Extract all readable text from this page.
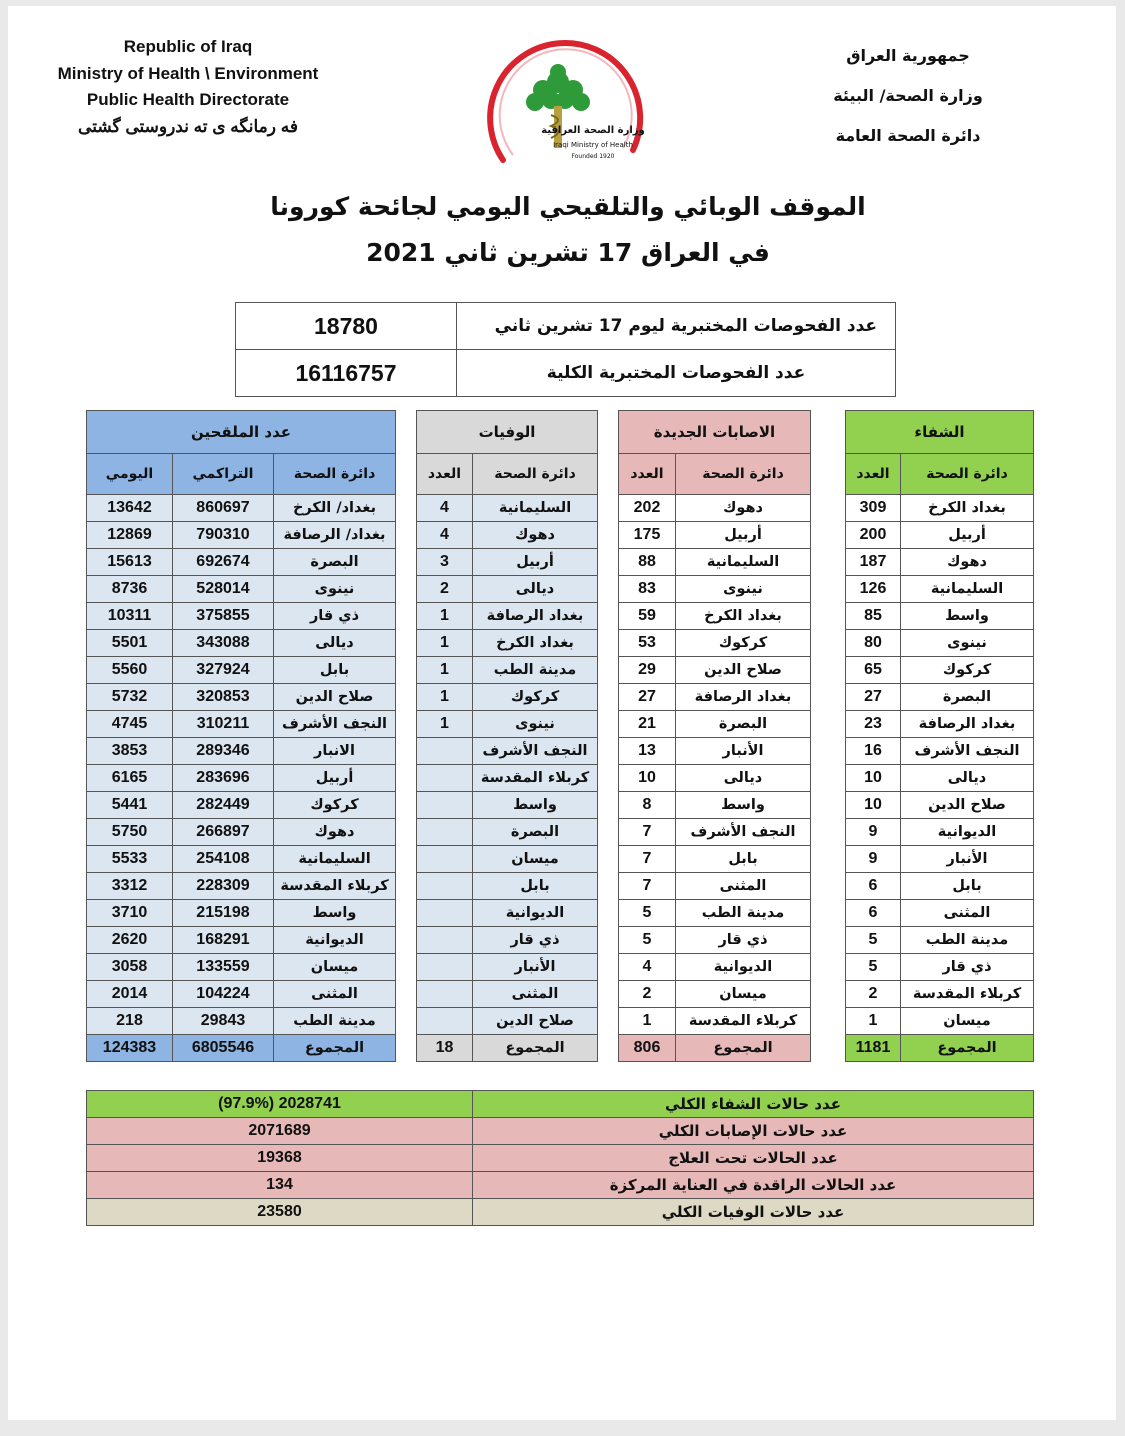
Republic of Iraq
Ministry of Health \ Environment
Public Health Directorate
فه رمانگه ى ته ندروستى گشتى	وزارة الصحة العراقية
Iraqi Ministry of Health
Founded 1920
جمهورية العراق
وزارة الصحة/ البيئة
دائرة الصحة العامة
الموقف الوبائي والتلقيحي اليومي لجائحة كورونا
في العراق 17 تشرين ثاني 2021
18780	عدد الفحوصات المختبرية ليوم 17 تشرين ثاني
16116757	عدد الفحوصات المختبرية الكلية
عدد الملقحين		
اليومي	التراكمي	دائرة الصحة
13642	860697	بغداد/ الكرخ
12869	790310	بغداد/ الرصافة
15613	692674	البصرة
8736	528014	نينوى
10311	375855	ذي قار
5501	343088	ديالى
5560	327924	بابل
5732	320853	صلاح الدين
4745	310211	النجف الأشرف
3853	289346	الانبار
6165	283696	أربيل
5441	282449	كركوك
5750	266897	دهوك
5533	254108	السليمانية
3312	228309	كربلاء المقدسة
3710	215198	واسط
2620	168291	الديوانية
3058	133559	ميسان
2014	104224	المثنى
218	29843	مدينة الطب
124383	6805546	المجموع
الوفيات	
العدد	دائرة الصحة
4	السليمانية
4	دهوك
3	أربيل
2	ديالى
1	بغداد الرصافة
1	بغداد الكرخ
1	مدينة الطب
1	كركوك
1	نينوى
	النجف الأشرف
	كربلاء المقدسة
	واسط
	البصرة
	ميسان
	بابل
	الديوانية
	ذي قار
	الأنبار
	المثنى
	صلاح الدين
18	المجموع
الاصابات الجديدة	
العدد	دائرة الصحة
202	دهوك
175	أربيل
88	السليمانية
83	نينوى
59	بغداد الكرخ
53	كركوك
29	صلاح الدين
27	بغداد الرصافة
21	البصرة
13	الأنبار
10	ديالى
8	واسط
7	النجف الأشرف
7	بابل
7	المثنى
5	مدينة الطب
5	ذي قار
4	الديوانية
2	ميسان
1	كربلاء المقدسة
806	المجموع
الشفاء	
العدد	دائرة الصحة
309	بغداد الكرخ
200	أربيل
187	دهوك
126	السليمانية
85	واسط
80	نينوى
65	كركوك
27	البصرة
23	بغداد الرصافة
16	النجف الأشرف
10	ديالى
10	صلاح الدين
9	الديوانية
9	الأنبار
6	بابل
6	المثنى
5	مدينة الطب
5	ذي قار
2	كربلاء المقدسة
1	ميسان
1181	المجموع
(97.9%) 2028741	عدد حالات الشفاء الكلي
2071689	عدد حالات الإصابات الكلي
19368	عدد الحالات تحت العلاج
134	عدد الحالات الراقدة في العناية المركزة
23580	عدد حالات الوفيات الكلي
